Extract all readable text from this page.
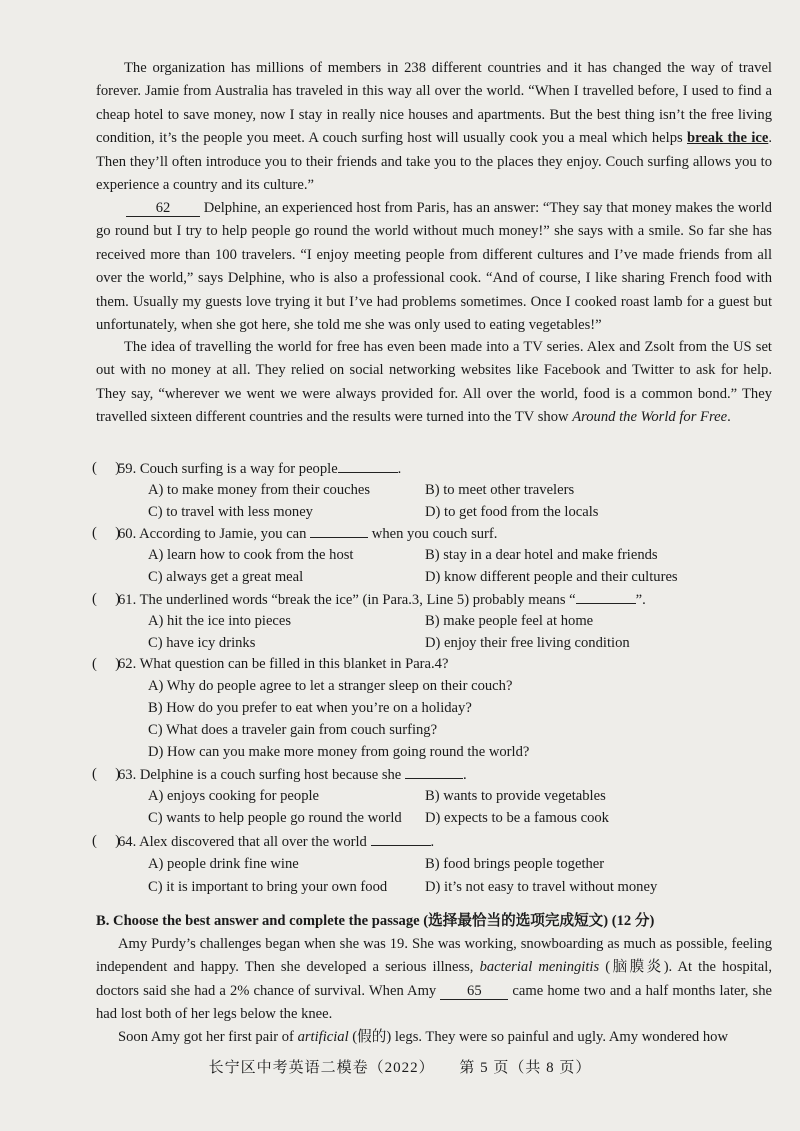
The organization has millions of members in 238 different countries and it has changed the way of travel forever. Jamie from Australia has traveled in this way all over the world. “When I travelled before, I used to find a cheap hotel to save money, now I stay in really nice houses and apartments. But the best thing isn’t the free living condition, it’s the people you meet. A couch surfing host will usually cook you a meal which helps break the ice. Then they’ll often introduce you to their friends and take you to the places they enjoy. Couch surfing allows you to experience a country and its culture.”

62 Delphine, an experienced host from Paris, has an answer: “They say that money makes the world go round but I try to help people go round the world without much money!” she says with a smile. So far she has received more than 100 travelers. “I enjoy meeting people from different cultures and I’ve made friends from all over the world,” says Delphine, who is also a professional cook. “And of course, I like sharing French food with them. Usually my guests love trying it but I’ve had problems sometimes. Once I cooked roast lamb for a guest but unfortunately, when she got here, she told me she was only used to eating vegetables!”

The idea of travelling the world for free has even been made into a TV series. Alex and Zsolt from the US set out with no money at all. They relied on social networking websites like Facebook and Twitter to ask for help. They say, “wherever we went we were always provided for. All over the world, food is a common bond.” They travelled sixteen different countries and the results were turned into the TV show Around the World for Free.

(     )
59. Couch surfing is a way for people	.
A) to make money from their couches	B) to meet other travelers
C) to travel with less money	D) to get food from the locals
(     )
60. According to Jamie, you can	when you couch surf.
A) learn how to cook from the host	B) stay in a dear hotel and make friends
C) always get a great meal	D) know different people and their cultures
(     )
61. The underlined words “break the ice” (in Para.3, Line 5) probably means “	”.
A) hit the ice into pieces	B) make people feel at home
C) have icy drinks	D) enjoy their free living condition
(     )
62. What question can be filled in this blanket in Para.4?
A) Why do people agree to let a stranger sleep on their couch?
B) How do you prefer to eat when you’re on a holiday?
C) What does a traveler gain from couch surfing?
D) How can you make more money from going round the world?
(     )
63. Delphine is a couch surfing host because she	.
A) enjoys cooking for people	B) wants to provide vegetables
C) wants to help people go round the world D) expects to be a famous cook
(     )
64. Alex discovered that all over the world	.
A) people drink fine wine	B) food brings people together
C) it is important to bring your own food	D) it’s not easy to travel without money
B. Choose the best answer and complete the passage (选择最恰当的选项完成短文) (12 分)

Amy Purdy’s challenges began when she was 19. She was working, snowboarding as much as possible, feeling independent and happy. Then she developed a serious illness, bacterial meningitis (脑膜炎). At the hospital, doctors said she had a 2% chance of survival. When Amy 65 came home two and a half months later, she had lost both of her legs below the knee.

Soon Amy got her first pair of artificial (假的) legs. They were so painful and ugly. Amy wondered how

长宁区中考英语二模卷（2022） 第 5 页（共 8 页）
